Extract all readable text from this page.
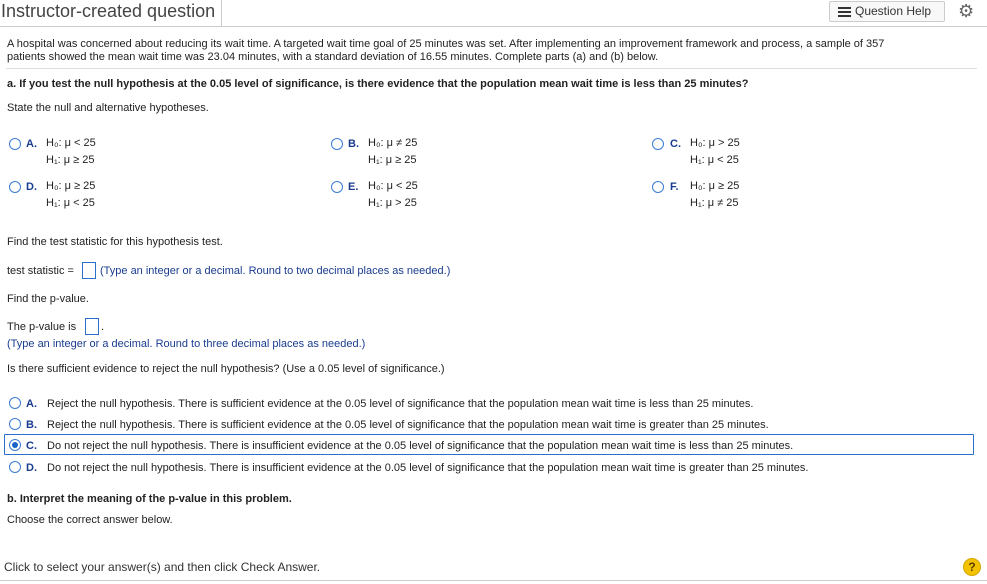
Instructor-created question	Question Help ⚙
A hospital was concerned about reducing its wait time. A targeted wait time goal of 25 minutes was set. After implementing an improvement framework and process, a sample of 357
patients showed the mean wait time was 23.04 minutes, with a standard deviation of 16.55 minutes. Complete parts (a) and (b) below.
a. If you test the null hypothesis at the 0.05 level of significance, is there evidence that the population mean wait time is less than 25 minutes?
State the null and alternative hypotheses.
A. H₀: μ < 25
H₁: μ ≥ 25
B. H₀: μ ≠ 25
H₁: μ ≥ 25
C. H₀: μ > 25
H₁: μ < 25
D. H₀: μ ≥ 25
H₁: μ < 25
E. H₀: μ < 25
H₁: μ > 25
F. H₀: μ ≥ 25
H₁: μ ≠ 25
Find the test statistic for this hypothesis test.
test statistic = (Type an integer or a decimal. Round to two decimal places as needed.)
Find the p-value.
The p-value is .
(Type an integer or a decimal. Round to three decimal places as needed.)
Is there sufficient evidence to reject the null hypothesis? (Use a 0.05 level of significance.)
A. Reject the null hypothesis. There is sufficient evidence at the 0.05 level of significance that the population mean wait time is less than 25 minutes.
B. Reject the null hypothesis. There is sufficient evidence at the 0.05 level of significance that the population mean wait time is greater than 25 minutes.
C. Do not reject the null hypothesis. There is insufficient evidence at the 0.05 level of significance that the population mean wait time is less than 25 minutes.
D. Do not reject the null hypothesis. There is insufficient evidence at the 0.05 level of significance that the population mean wait time is greater than 25 minutes.
b. Interpret the meaning of the p-value in this problem.
Choose the correct answer below.
Click to select your answer(s) and then click Check Answer.	?
